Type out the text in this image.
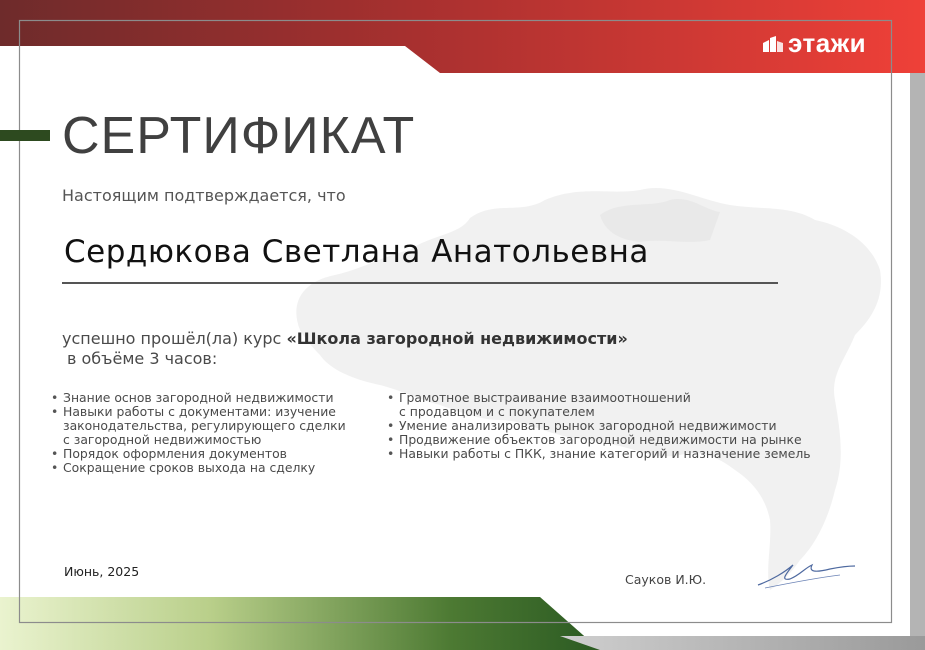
этажи
СЕРТИФИКАТ
Настоящим подтверждается, что
Сердюкова Светлана Анатольевна
успешно прошёл(ла) курс «Школа загородной недвижимости»
в объёме 3 часов:
• Знание основ загородной недвижимости
• Навыки работы с документами: изучение
законодательства, регулирующего сделки
с загородной недвижимостью
• Порядок оформления документов
• Сокращение сроков выхода на сделку
• Грамотное выстраивание взаимоотношений
с продавцом и с покупателем
• Умение анализировать рынок загородной недвижимости
• Продвижение объектов загородной недвижимости на рынке
• Навыки работы с ПКК, знание категорий и назначение земель
Июнь, 2025
Сауков И.Ю.
